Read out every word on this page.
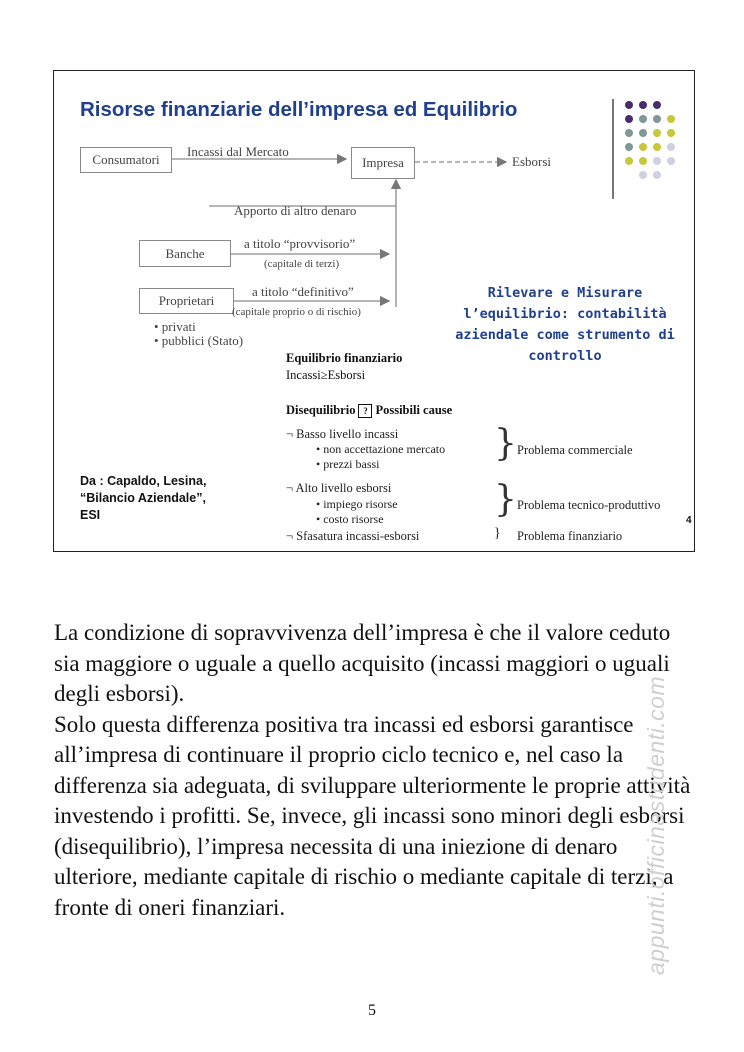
Risorse finanziarie dell’impresa ed Equilibrio
Consumatori
Incassi dal Mercato
Impresa	Esborsi
Apporto di altro denaro
Banche
a titolo “provvisorio”
(capitale di terzi)
Proprietari
a titolo “definitivo”
(capitale proprio o di rischio)
• privati
• pubblici (Stato)
Rilevare e Misurare l’equilibrio: contabilità aziendale come strumento di controllo
Equilibrio finanziario
Incassi≥Esborsi
Disequilibrio ? Possibili cause
¬ Basso livello incassi
• non accettazione mercato
• prezzi bassi	} Problema commerciale
¬ Alto livello esborsi
• impiego risorse
• costo risorse	} Problema tecnico-produttivo
4
¬ Sfasatura incassi-esborsi	} Problema finanziario
Da : Capaldo, Lesina,
“Bilancio Aziendale”,
ESI

La condizione di sopravvivenza dell’impresa è che il valore ceduto sia maggiore o uguale a quello acquisito (incassi maggiori o uguali degli esborsi).

Solo questa differenza positiva tra incassi ed esborsi garantisce all’impresa di continuare il proprio ciclo tecnico e, nel caso la differenza sia adeguata, di sviluppare ulteriormente le proprie attività investendo i profitti. Se, invece, gli incassi sono minori degli esborsi (disequilibrio), l’impresa necessita di una iniezione di denaro ulteriore, mediante capitale di rischio o mediante capitale di terzi, a fronte di oneri finanziari.

5
appunti.officinastudenti.com
